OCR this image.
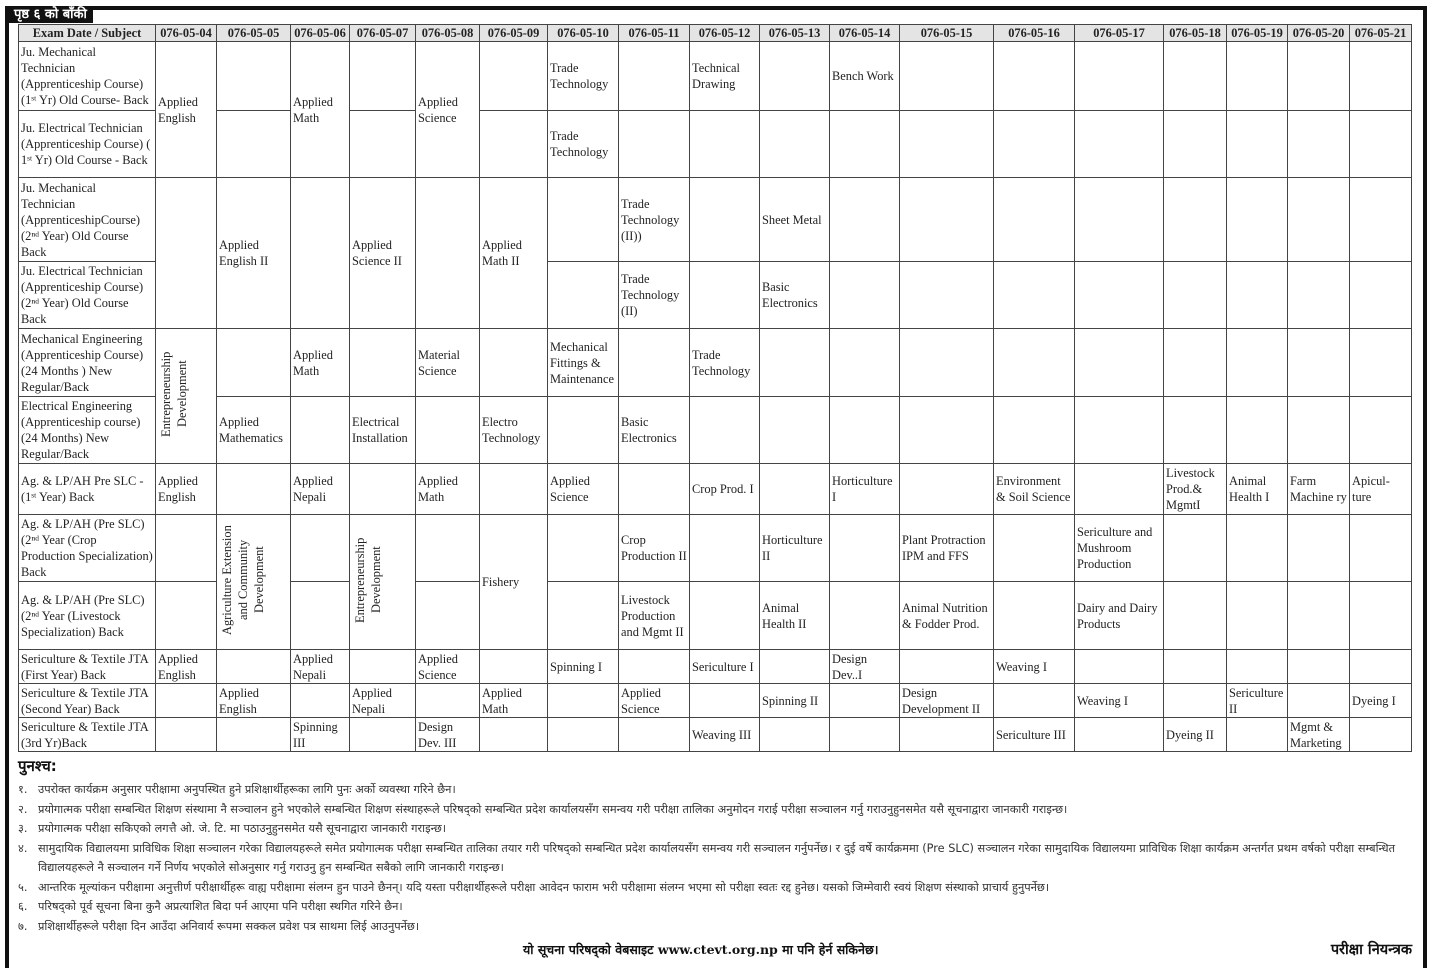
पृष्ठ ६ को बाँकी
Exam Date / Subject	076-05-04	076-05-05	076-05-06	076-05-07	076-05-08	076-05-09	076-05-10	076-05-11	076-05-12	076-05-13	076-05-14	076-05-15	076-05-16	076-05-17	076-05-18	076-05-19	076-05-20	076-05-21
Ju. Mechanical Technician (Apprenticeship Course) (1ˢᵗ Yr) Old Course- Back	Applied English		Applied Math		Applied Science		Trade Technology		Technical Drawing		Bench Work							
Ju. Electrical Technician (Apprenticeship Course) ( 1ˢᵗ Yr) Old Course - Back							Trade Technology											
Ju. Mechanical Technician (ApprenticeshipCourse) (2ⁿᵈ Year) Old Course Back		Applied English II		Applied Science II		Applied Math II		Trade Technology (II))		Sheet Metal								
Ju. Electrical Technician (Apprenticeship Course) (2ⁿᵈ Year) Old Course Back								Trade Technology (II)		Basic Electronics								
Mechanical Engineering (Apprenticeship Course) (24 Months ) New Regular/Back	Entrepreneurship Development		Applied Math		Material Science		Mechanical Fittings & Maintenance		Trade Technology									
Electrical Engineering (Apprenticeship course) (24 Months) New Regular/Back		Applied Mathematics		Electrical Installation		Electro Technology		Basic Electronics										
Ag. & LP/AH Pre SLC -(1ˢᵗ Year) Back	Applied English		Applied Nepali		Applied Math		Applied Science		Crop Prod. I		Horticulture I		Environment & Soil Science		Livestock Prod.& MgmtI	Animal Health I	Farm Machine ry	Apicul-ture
Ag. & LP/AH (Pre SLC) (2ⁿᵈ Year (Crop Production Specialization) Back		Agriculture Extension and Community Development		Entrepreneurship Development		Fishery		Crop Production II		Horticulture II		Plant Protraction IPM and FFS		Sericulture and Mushroom Production				
Ag. & LP/AH (Pre SLC) (2ⁿᵈ Year (Livestock Specialization) Back								Livestock Production and Mgmt II		Animal Health II		Animal Nutrition & Fodder Prod.		Dairy and Dairy Products				
Sericulture & Textile JTA (First Year) Back	Applied English		Applied Nepali		Applied Science		Spinning I		Sericulture I		Design Dev..I		Weaving I					
Sericulture & Textile JTA (Second Year) Back		Applied English		Applied Nepali		Applied Math		Applied Science		Spinning II		Design Development II		Weaving I		Sericulture II		Dyeing I
Sericulture & Textile JTA (3rd Yr)Back			Spinning III		Design Dev. III				Weaving III				Sericulture III		Dyeing II		Mgmt & Marketing	
पुनश्च:
१. उपरोक्त कार्यक्रम अनुसार परीक्षामा अनुपस्थित हुने प्रशिक्षार्थीहरूका लागि पुनः अर्को व्यवस्था गरिने छैन।
२. प्रयोगात्मक परीक्षा सम्बन्धित शिक्षण संस्थामा नै सञ्चालन हुने भएकोले सम्बन्धित शिक्षण संस्थाहरूले परिषद्को सम्बन्धित प्रदेश कार्यालयसँग समन्वय गरी परीक्षा तालिका अनुमोदन गराई परीक्षा सञ्चालन गर्नु गराउनुहुनसमेत यसै सूचनाद्वारा जानकारी गराइन्छ।
३. प्रयोगात्मक परीक्षा सकिएको लगत्तै ओ. जे. टि. मा पठाउनुहुनसमेत यसै सूचनाद्वारा जानकारी गराइन्छ।
४. सामुदायिक विद्यालयमा प्राविधिक शिक्षा सञ्चालन गरेका विद्यालयहरूले समेत प्रयोगात्मक परीक्षा सम्बन्धित तालिका तयार गरी परिषद्को सम्बन्धित प्रदेश कार्यालयसँग समन्वय गरी सञ्चालन गर्नुपर्नेछ। र दुई वर्षे कार्यक्रममा (Pre SLC) सञ्चालन गरेका सामुदायिक विद्यालयमा प्राविधिक शिक्षा कार्यक्रम अन्तर्गत प्रथम वर्षको परीक्षा सम्बन्धित विद्यालयहरूले नै सञ्चालन गर्ने निर्णय भएकोले सोअनुसार गर्नु गराउनु हुन सम्बन्धित सबैको लागि जानकारी गराइन्छ।
५. आन्तरिक मूल्यांकन परीक्षामा अनुत्तीर्ण परीक्षार्थीहरू वाह्य परीक्षामा संलग्न हुन पाउने छैनन्। यदि यस्ता परीक्षार्थीहरूले परीक्षा आवेदन फाराम भरी परीक्षामा संलग्न भएमा सो परीक्षा स्वतः रद्द हुनेछ। यसको जिम्मेवारी स्वयं शिक्षण संस्थाको प्राचार्य हुनुपर्नेछ।
६. परिषद्को पूर्व सूचना बिना कुनै अप्रत्याशित बिदा पर्न आएमा पनि परीक्षा स्थगित गरिने छैन।
७. प्रशिक्षार्थीहरूले परीक्षा दिन आउँदा अनिवार्य रूपमा सक्कल प्रवेश पत्र साथमा लिई आउनुपर्नेछ।
यो सूचना परिषद्को वेबसाइट www.ctevt.org.np मा पनि हेर्न सकिनेछ।	परीक्षा नियन्त्रक
